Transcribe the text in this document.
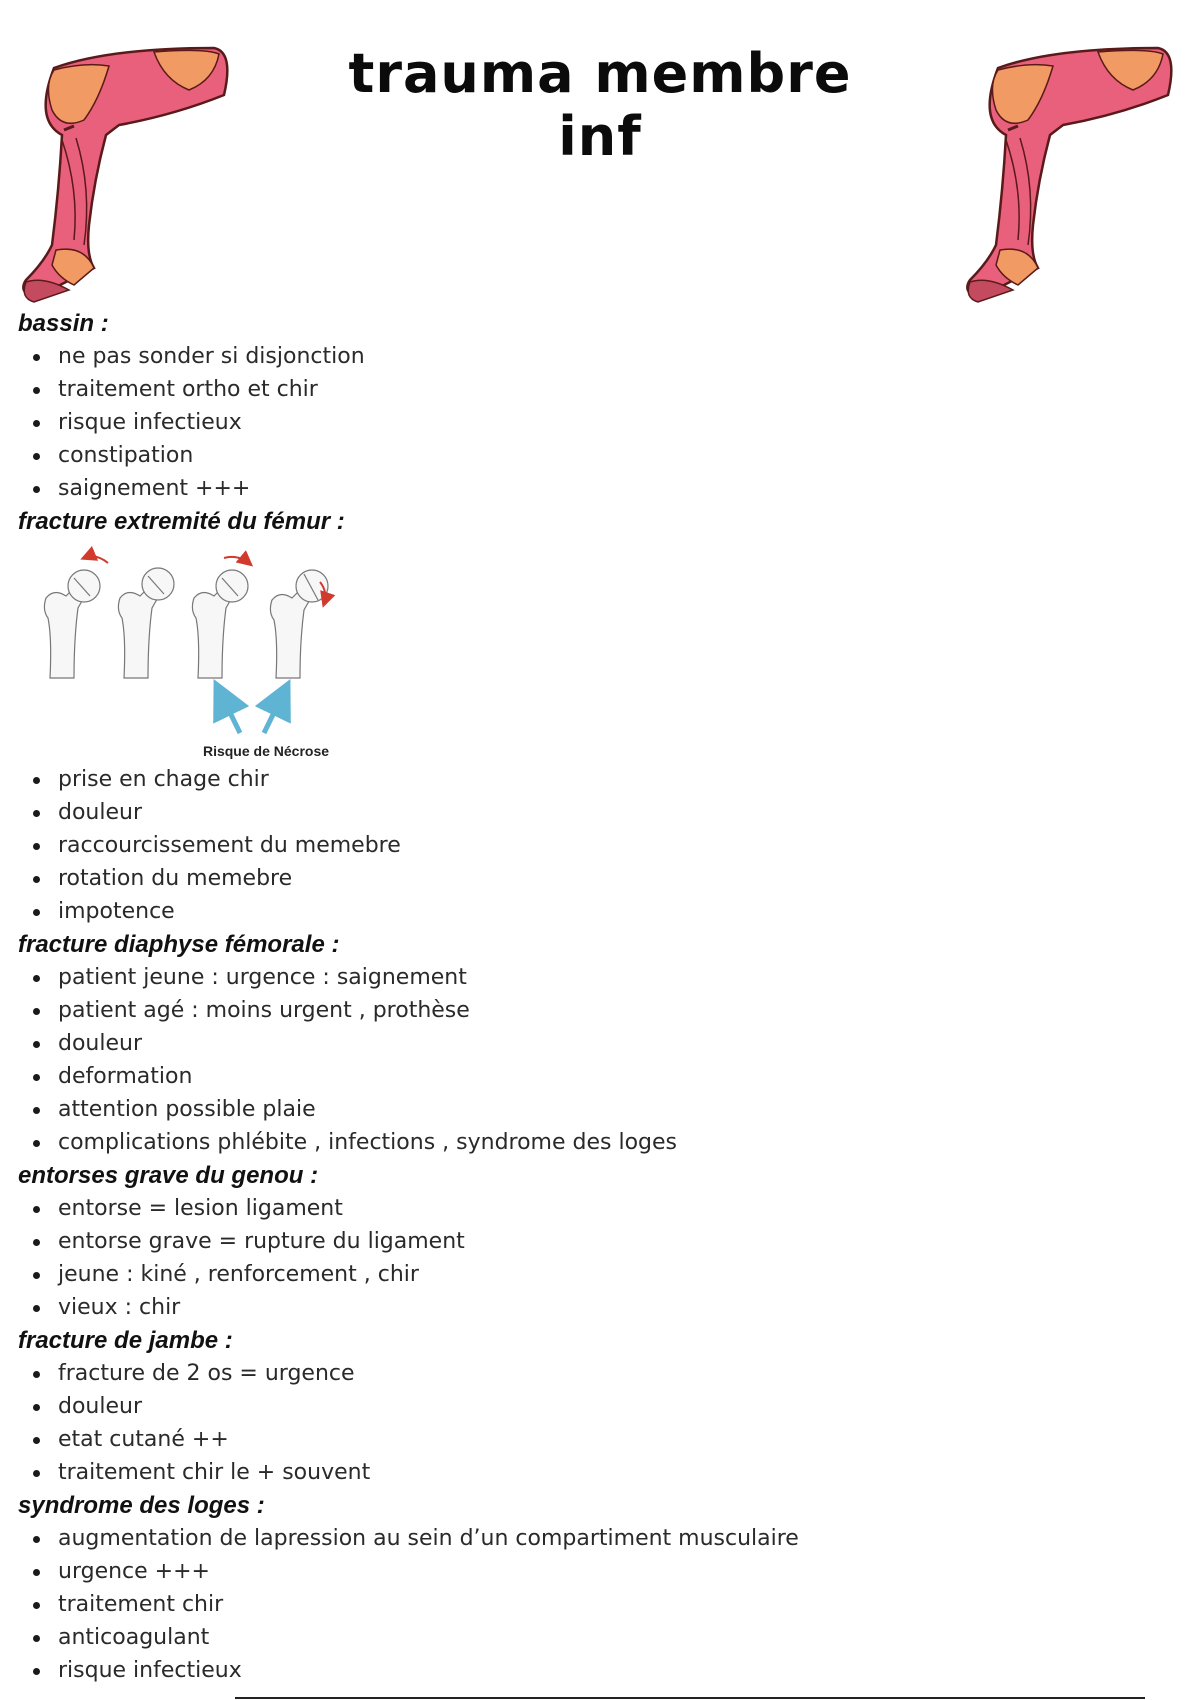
trauma membre inf
bassin :
ne pas sonder si disjonction
traitement ortho et chir
risque infectieux
constipation
saignement +++
fracture extremité du fémur :
Risque de Nécrose
prise en chage chir
douleur
raccourcissement du memebre
rotation du memebre
impotence
fracture diaphyse fémorale :
patient jeune : urgence : saignement
patient agé : moins urgent , prothèse
douleur
deformation
attention possible plaie
complications phlébite , infections , syndrome des loges
entorses grave du genou :
entorse = lesion ligament
entorse grave = rupture du ligament
jeune : kiné , renforcement , chir
vieux : chir
fracture de jambe :
fracture de 2 os = urgence
douleur
etat cutané ++
traitement chir le + souvent
syndrome des loges :
augmentation de lapression au sein d’un compartiment musculaire
urgence +++
traitement chir
anticoagulant
risque infectieux
